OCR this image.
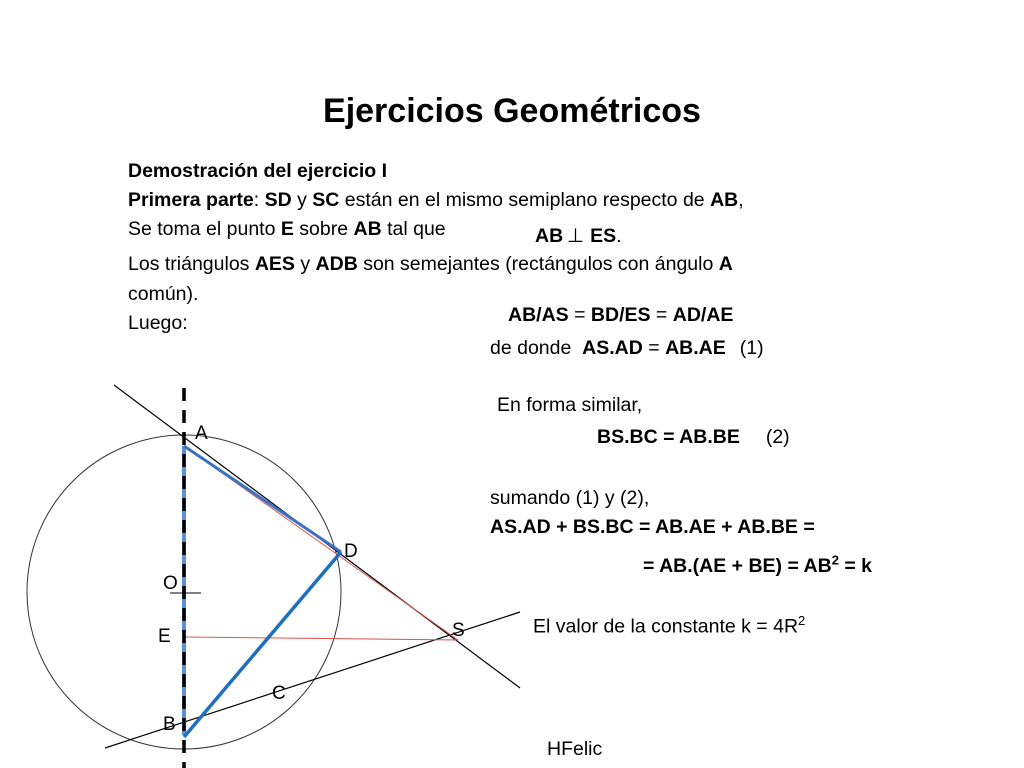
Ejercicios Geométricos
Demostración del ejercicio I
Primera parte: SD y SC están en el mismo semiplano respecto de AB,
Se toma el punto E sobre AB tal que	AB ⊥ ES.
Los triángulos AES y ADB son semejantes (rectángulos con ángulo A
común).
Luego:	AB/AS = BD/ES = AD/AE
de donde  AS.AD = AB.AE (1)
En forma similar,
BS.BC = AB.BE (2)
sumando (1) y (2),
AS.AD + BS.BC = AB.AE + AB.BE =
= $AB.(AE + BE) = AB^2 = k$
El valor de la constante $k = 4R^2$
HFelic
A
D
O
E	S
C
B
